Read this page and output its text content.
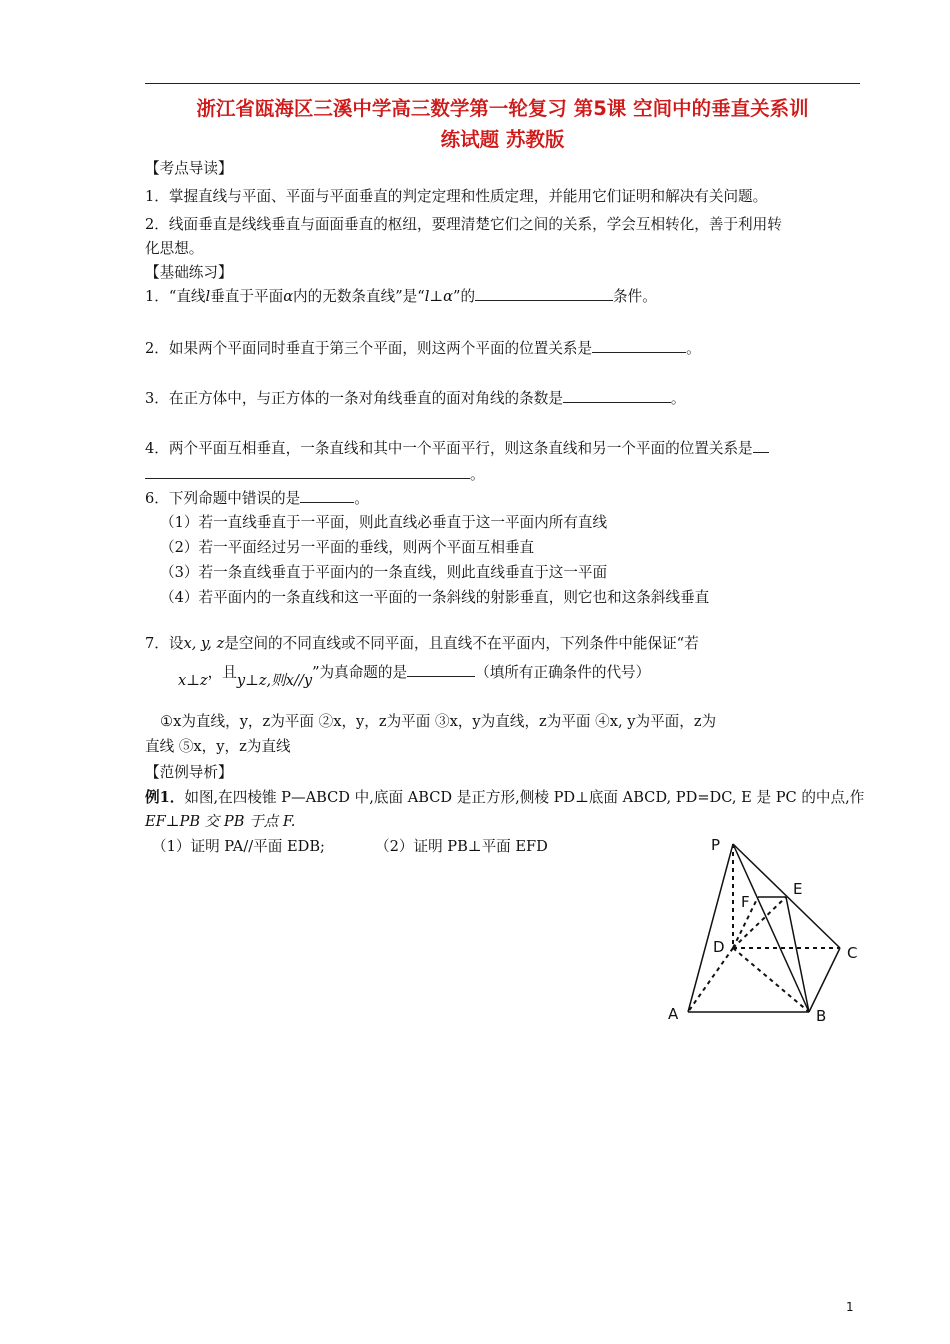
浙江省瓯海区三溪中学高三数学第一轮复习 第5课 空间中的垂直关系训
练试题 苏教版
【考点导读】
1．掌握直线与平面、平面与平面垂直的判定定理和性质定理，并能用它们证明和解决有关问题。
2．线面垂直是线线垂直与面面垂直的枢纽，要理清楚它们之间的关系，学会互相转化，善于利用转
化思想。
【基础练习】
1．“直线l垂直于平面α内的无数条直线”是“l⊥α”的	条件。
2．如果两个平面同时垂直于第三个平面，则这两个平面的位置关系是	。
3．在正方体中，与正方体的一条对角线垂直的面对角线的条数是	。
4．两个平面互相垂直，一条直线和其中一个平面平行，则这条直线和另一个平面的位置关系是
。
6．下列命题中错误的是	。
（1）若一直线垂直于一平面，则此直线必垂直于这一平面内所有直线
（2）若一平面经过另一平面的垂线，则两个平面互相垂直
（3）若一条直线垂直于平面内的一条直线，则此直线垂直于这一平面
（4）若平面内的一条直线和这一平面的一条斜线的射影垂直，则它也和这条斜线垂直
7．设x, y, z是空间的不同直线或不同平面，且直线不在平面内，下列条件中能保证“若
x⊥z，且y⊥z,则x//y”为真命题的是	（填所有正确条件的代号）
①x为直线，y，z为平面 ②x，y，z为平面 ③x，y为直线，z为平面 ④x, y为平面，z为
直线 ⑤x，y，z为直线
【范例导析】
例1．如图,在四棱锥 P—ABCD 中,底面 ABCD 是正方形,侧棱 PD⊥底面 ABCD, PD=DC, E 是 PC 的中点,作
EF⊥PB 交 PB 于点 F.
（1）证明 PA//平面 EDB;	（2）证明 PB⊥平面 EFD	P
E
F
D	C
A	B
1
